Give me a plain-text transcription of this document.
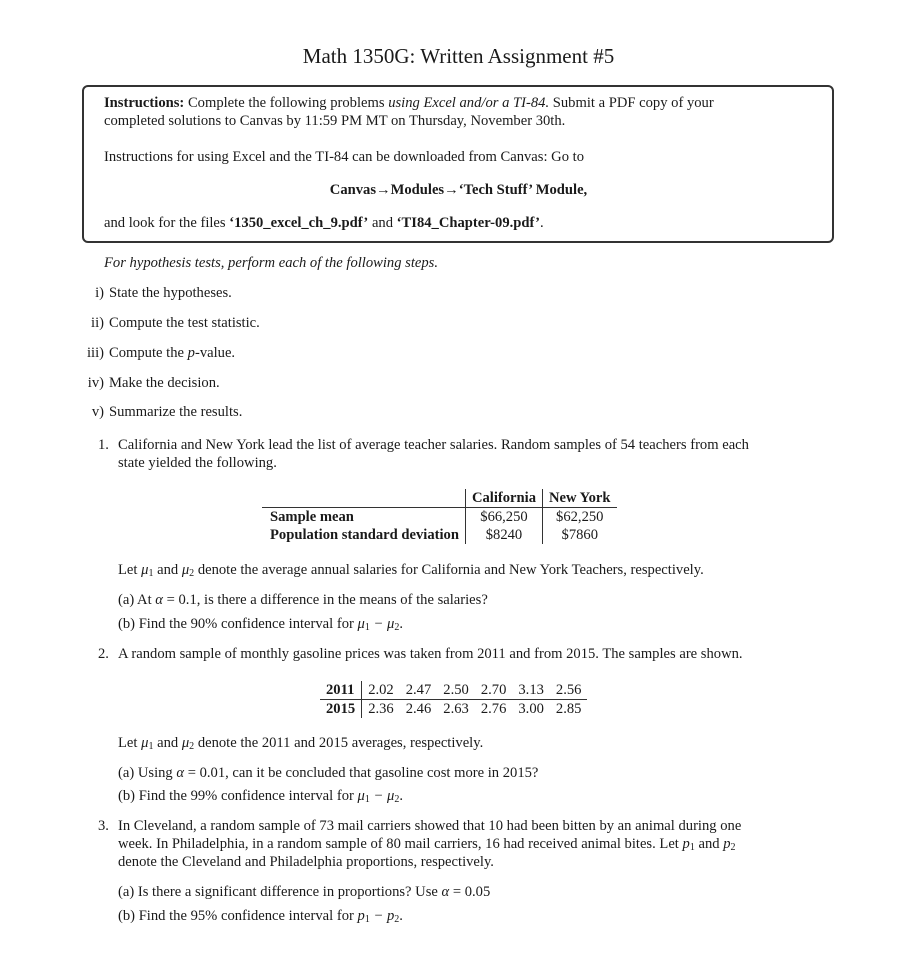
Math 1350G: Written Assignment #5
Instructions: Complete the following problems using Excel and/or a TI-84. Submit a PDF copy of your
completed solutions to Canvas by 11:59 PM MT on Thursday, November 30th.
Instructions for using Excel and the TI-84 can be downloaded from Canvas: Go to
Canvas→Modules→‘Tech Stuff’ Module,
and look for the files ‘1350_excel_ch_9.pdf’ and ‘TI84_Chapter-09.pdf’.
For hypothesis tests, perform each of the following steps.
i) State the hypotheses.
ii) Compute the test statistic.
iii) Compute the p-value.
iv) Make the decision.
v) Summarize the results.
1. California and New York lead the list of average teacher salaries. Random samples of 54 teachers from each
state yielded the following.
	California	New York
Sample mean	$66,250	$62,250
Population standard deviation	$8240	$7860
Let $\mu_1$ and $\mu_2$ denote the average annual salaries for California and New York Teachers, respectively.
(a) At α = 0.1, is there a difference in the means of the salaries?
(b) Find the 90% confidence interval for $\mu_1 - \mu_2$.
2. A random sample of monthly gasoline prices was taken from 2011 and from 2015. The samples are shown.
2011	2.02	2.47	2.50	2.70	3.13	2.56
2015	2.36	2.46	2.63	2.76	3.00	2.85
Let $\mu_1$ and $\mu_2$ denote the 2011 and 2015 averages, respectively.
(a) Using α = 0.01, can it be concluded that gasoline cost more in 2015?
(b) Find the 99% confidence interval for $\mu_1 - \mu_2$.
3. In Cleveland, a random sample of 73 mail carriers showed that 10 had been bitten by an animal during one
week. In Philadelphia, in a random sample of 80 mail carriers, 16 had received animal bites. Let $p_1$ and $p_2$
denote the Cleveland and Philadelphia proportions, respectively.
(a) Is there a significant difference in proportions? Use α = 0.05
(b) Find the 95% confidence interval for $p_1 - p_2$.
